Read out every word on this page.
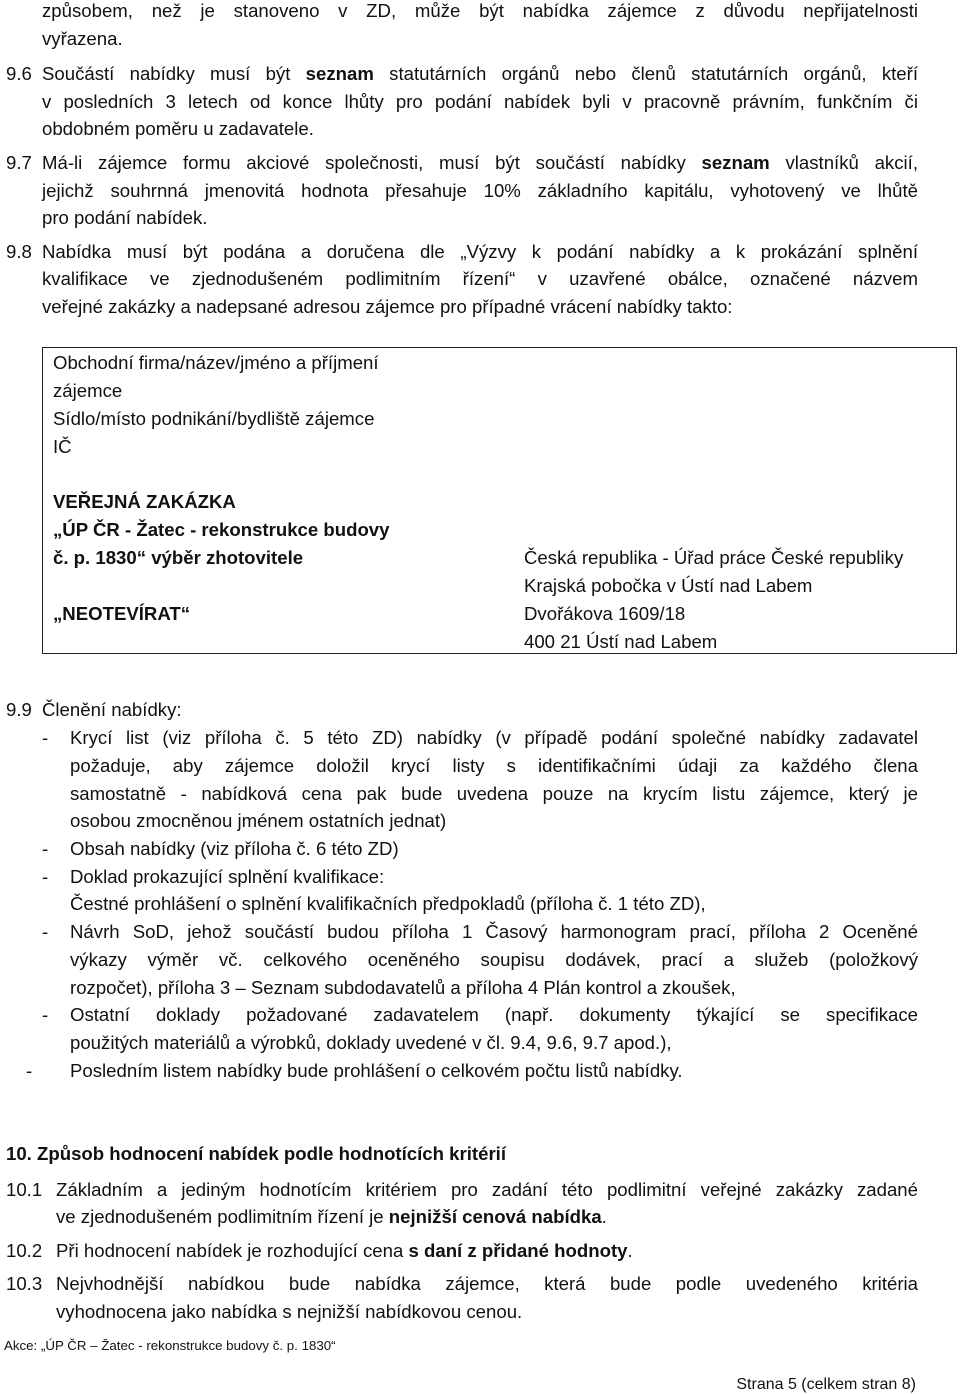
způsobem, než je stanoveno v ZD, může být nabídka zájemce z důvodu nepřijatelnosti
vyřazena.
9.6 Součástí nabídky musí být seznam statutárních orgánů nebo členů statutárních orgánů, kteří
v posledních 3 letech od konce lhůty pro podání nabídek byli v pracovně právním, funkčním či
obdobném poměru u zadavatele.
9.7 Má-li zájemce formu akciové společnosti, musí být součástí nabídky seznam vlastníků akcií,
jejichž souhrnná jmenovitá hodnota přesahuje 10% základního kapitálu, vyhotovený ve lhůtě
pro podání nabídek.
9.8 Nabídka musí být podána a doručena dle „Výzvy k podání nabídky a k prokázání splnění
kvalifikace ve zjednodušeném podlimitním řízení“ v uzavřené obálce, označené názvem
veřejné zakázky a nadepsané adresou zájemce pro případné vrácení nabídky takto:
Obchodní firma/název/jméno a příjmení
zájemce
Sídlo/místo podnikání/bydliště zájemce
IČ
VEŘEJNÁ ZAKÁZKA
„ÚP ČR - Žatec - rekonstrukce budovy
č. p. 1830“ výběr zhotovitele
„NEOTEVÍRAT“
Česká republika - Úřad práce České republiky
Krajská pobočka v Ústí nad Labem
Dvořákova 1609/18
400 21 Ústí nad Labem
9.9 Členění nabídky:
- Krycí list (viz příloha č. 5 této ZD) nabídky (v případě podání společné nabídky zadavatel
požaduje, aby zájemce doložil krycí listy s identifikačními údaji za každého člena
samostatně - nabídková cena pak bude uvedena pouze na krycím listu zájemce, který je
osobou zmocněnou jménem ostatních jednat)
- Obsah nabídky (viz příloha č. 6 této ZD)
- Doklad prokazující splnění kvalifikace:
Čestné prohlášení o splnění kvalifikačních předpokladů (příloha č. 1 této ZD),
- Návrh SoD, jehož součástí budou příloha 1 Časový harmonogram prací, příloha 2 Oceněné
výkazy výměr vč. celkového oceněného soupisu dodávek, prací a služeb (položkový
rozpočet), příloha 3 – Seznam subdodavatelů a příloha 4 Plán kontrol a zkoušek,
- Ostatní doklady požadované zadavatelem (např. dokumenty týkající se specifikace
použitých materiálů a výrobků, doklady uvedené v čl. 9.4, 9.6, 9.7 apod.),
- Posledním listem nabídky bude prohlášení o celkovém počtu listů nabídky.
10. Způsob hodnocení nabídek podle hodnotících kritérií
10.1 Základním a jediným hodnotícím kritériem pro zadání této podlimitní veřejné zakázky zadané
ve zjednodušeném podlimitním řízení je nejnižší cenová nabídka.
10.2 Při hodnocení nabídek je rozhodující cena s daní z přidané hodnoty.
10.3 Nejvhodnější nabídkou bude nabídka zájemce, která bude podle uvedeného kritéria
vyhodnocena jako nabídka s nejnižší nabídkovou cenou.
Akce: „ÚP ČR – Žatec - rekonstrukce budovy č. p. 1830“
Strana 5 (celkem stran 8)
